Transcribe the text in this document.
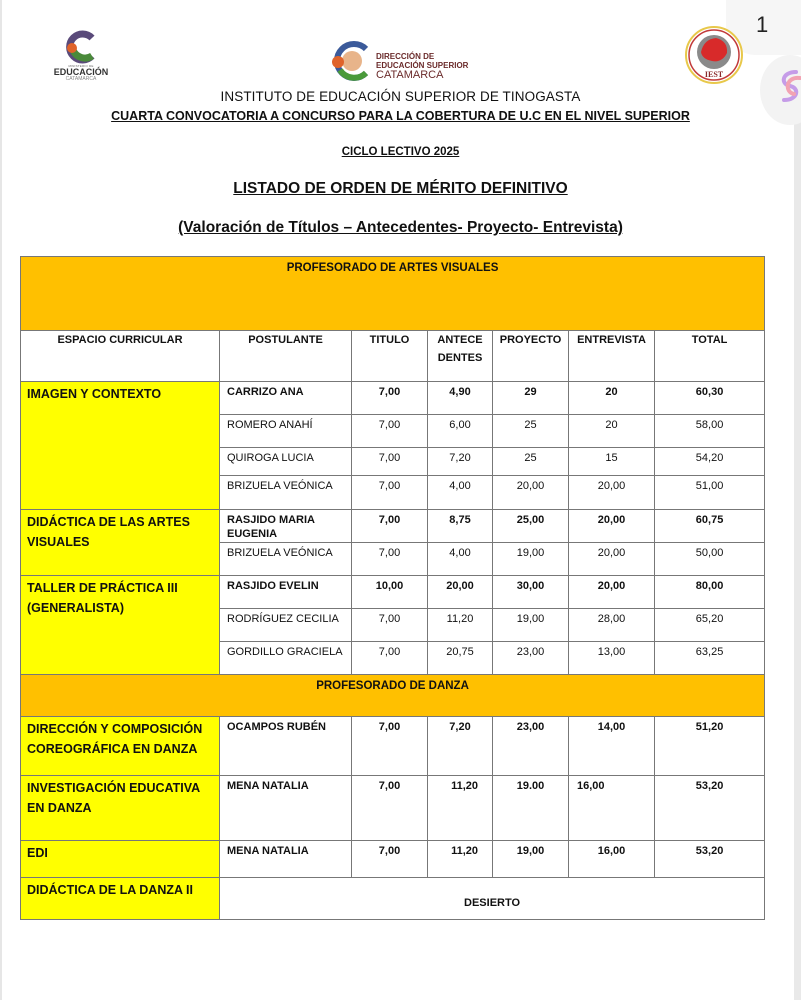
1
MINISTERIO DE
EDUCACIÓN
CATAMARCA
DIRECCIÓN DE
EDUCACIÓN SUPERIOR
CATAMARCA	IEST
INSTITUTO DE EDUCACIÓN SUPERIOR DE TINOGASTA
CUARTA CONVOCATORIA A CONCURSO PARA LA COBERTURA DE U.C EN EL NIVEL SUPERIOR
CICLO LECTIVO 2025
LISTADO DE ORDEN DE MÉRITO DEFINITIVO
(Valoración de Títulos – Antecedentes- Proyecto- Entrevista)
PROFESORADO DE ARTES VISUALES						
ESPACIO CURRICULAR	POSTULANTE	TITULO	ANTECE DENTES	PROYECTO	ENTREVISTA	TOTAL
IMAGEN Y CONTEXTO	CARRIZO ANA	7,00	4,90	29	20	60,30
	ROMERO ANAHÍ	7,00	6,00	25	20	58,00
	QUIROGA LUCIA	7,00	7,20	25	15	54,20
	BRIZUELA VEÓNICA	7,00	4,00	20,00	20,00	51,00
DIDÁCTICA DE LAS ARTES VISUALES	RASJIDO MARIA EUGENIA	7,00	8,75	25,00	20,00	60,75
	BRIZUELA VEÓNICA	7,00	4,00	19,00	20,00	50,00
TALLER DE PRÁCTICA III (GENERALISTA)	RASJIDO EVELIN	10,00	20,00	30,00	20,00	80,00
	RODRÍGUEZ CECILIA	7,00	11,20	19,00	28,00	65,20
	GORDILLO GRACIELA	7,00	20,75	23,00	13,00	63,25
PROFESORADO DE DANZA						
DIRECCIÓN Y COMPOSICIÓN COREOGRÁFICA EN DANZA	OCAMPOS RUBÉN	7,00	7,20	23,00	14,00	51,20
INVESTIGACIÓN EDUCATIVA EN DANZA	MENA NATALIA	7,00	11,20	19.00	16,00	53,20
EDI	MENA NATALIA	7,00	11,20	19,00	16,00	53,20
DIDÁCTICA DE LA DANZA II	DESIERTO					
